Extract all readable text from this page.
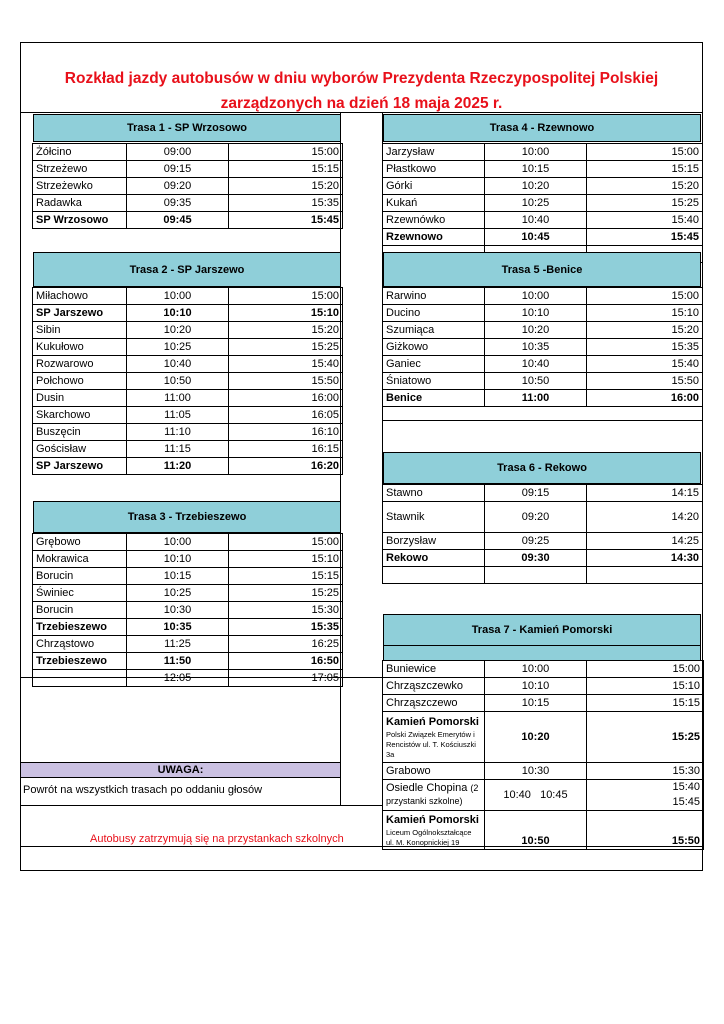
Rozkład jazdy autobusów w dniu wyborów Prezydenta Rzeczypospolitej Polskiej
zarządzonych na dzień 18 maja 2025 r.
Trasa 1 - SP Wrzosowo
Żółcino	09:00	15:00
Strzeżewo	09:15	15:15
Strzeżewko	09:20	15:20
Radawka	09:35	15:35
SP Wrzosowo	09:45	15:45
Trasa 2 - SP Jarszewo
Miłachowo	10:00	15:00
SP Jarszewo	10:10	15:10
Sibin	10:20	15:20
Kukułowo	10:25	15:25
Rozwarowo	10:40	15:40
Połchowo	10:50	15:50
Dusin	11:00	16:00
Skarchowo	11:05	16:05
Buszęcin	11:10	16:10
Gościsław	11:15	16:15
SP Jarszewo	11:20	16:20
Trasa 3 - Trzebieszewo
Grębowo	10:00	15:00
Mokrawica	10:10	15:10
Borucin	10:15	15:15
Świniec	10:25	15:25
Borucin	10:30	15:30
Trzebieszewo	10:35	15:35
Chrząstowo	11:25	16:25
Trzebieszewo	11:50	16:50
	12:05	17:05
Trasa 4 - Rzewnowo
Jarzysław	10:00	15:00
Płastkowo	10:15	15:15
Górki	10:20	15:20
Kukań	10:25	15:25
Rzewnówko	10:40	15:40
Rzewnowo	10:45	15:45

Trasa 5 -Benice
Rarwino	10:00	15:00
Ducino	10:10	15:10
Szumiąca	10:20	15:20
Giżkowo	10:35	15:35
Ganiec	10:40	15:40
Śniatowo	10:50	15:50
Benice	11:00	16:00
Trasa 6 - Rekowo
Stawno	09:15	14:15
Stawnik	09:20	14:20
Borzysław	09:25	14:25
Rekowo	09:30	14:30

Trasa 7 - Kamień Pomorski
Buniewice	10:00	15:00
Chrząszczewko	10:10	15:10
Chrząszczewo	10:15	15:15
Kamień Pomorski
Polski Związek Emerytów i Rencistów ul. T. Kościuszki 3a	10:20	15:25
Grabowo	10:30	15:30
Osiedle Chopina (2 przystanki szkolne)	10:40   10:45	15:40
15:45

Kamień Pomorski
Liceum Ogólnokształcące ul. M. Konopnickiej 19	10:50	15:50
UWAGA:
Powrót na wszystkich trasach po oddaniu głosów
Autobusy zatrzymują się na przystankach szkolnych
